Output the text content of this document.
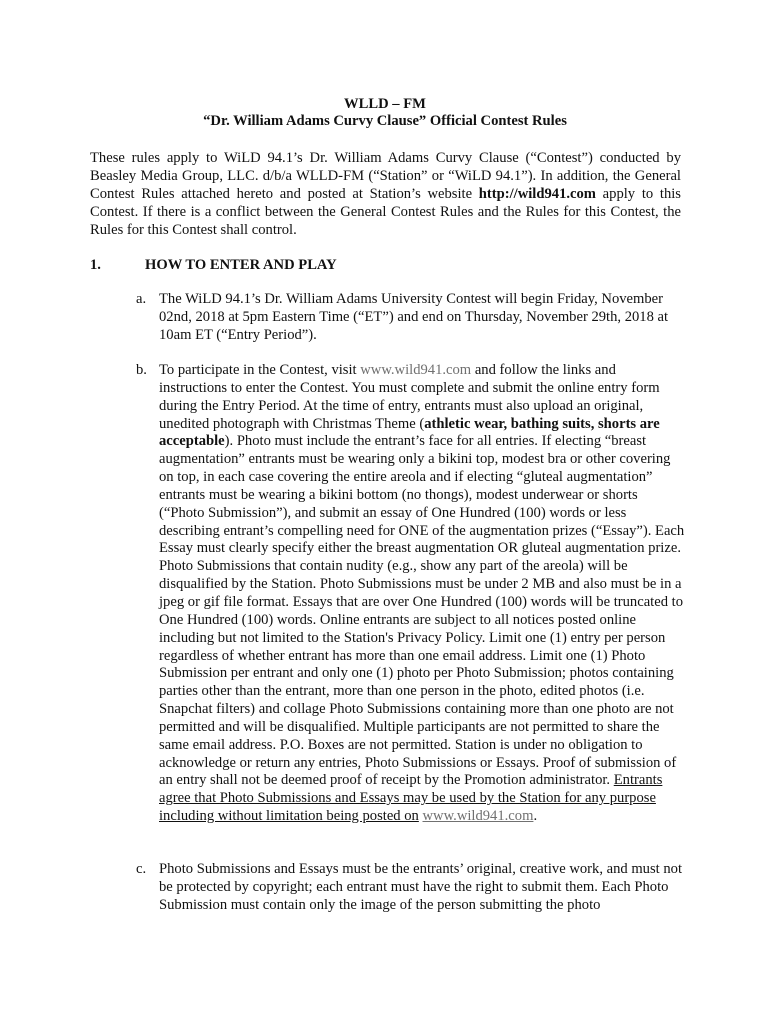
WLLD – FM

“Dr. William Adams Curvy Clause” Official Contest Rules

These rules apply to WiLD 94.1’s Dr. William Adams Curvy Clause (“Contest”) conducted by Beasley Media Group, LLC. d/b/a WLLD-FM (“Station” or “WiLD 94.1”). In addition, the General Contest Rules attached hereto and posted at Station’s website http://wild941.com apply to this Contest. If there is a conflict between the General Contest Rules and the Rules for this Contest, the Rules for this Contest shall control.

1.	HOW TO ENTER AND PLAY
a. The WiLD 94.1’s Dr. William Adams University Contest will begin Friday, November 02nd, 2018 at 5pm Eastern Time (“ET”) and end on Thursday, November 29th, 2018 at 10am ET (“Entry Period”).
b. To participate in the Contest, visit www.wild941.com and follow the links and instructions to enter the Contest. You must complete and submit the online entry form during the Entry Period. At the time of entry, entrants must also upload an original, unedited photograph with Christmas Theme (athletic wear, bathing suits, shorts are acceptable). Photo must include the entrant’s face for all entries. If electing “breast augmentation” entrants must be wearing only a bikini top, modest bra or other covering on top, in each case covering the entire areola and if electing “gluteal augmentation” entrants must be wearing a bikini bottom (no thongs), modest underwear or shorts (“Photo Submission”), and submit an essay of One Hundred (100) words or less describing entrant’s compelling need for ONE of the augmentation prizes (“Essay”). Each Essay must clearly specify either the breast augmentation OR gluteal augmentation prize. Photo Submissions that contain nudity (e.g., show any part of the areola) will be disqualified by the Station. Photo Submissions must be under 2 MB and also must be in a jpeg or gif file format. Essays that are over One Hundred (100) words will be truncated to One Hundred (100) words. Online entrants are subject to all notices posted online including but not limited to the Station's Privacy Policy. Limit one (1) entry per person regardless of whether entrant has more than one email address. Limit one (1) Photo Submission per entrant and only one (1) photo per Photo Submission; photos containing parties other than the entrant, more than one person in the photo, edited photos (i.e. Snapchat filters) and collage Photo Submissions containing more than one photo are not permitted and will be disqualified. Multiple participants are not permitted to share the same email address. P.O. Boxes are not permitted. Station is under no obligation to acknowledge or return any entries, Photo Submissions or Essays. Proof of submission of an entry shall not be deemed proof of receipt by the Promotion administrator. Entrants agree that Photo Submissions and Essays may be used by the Station for any purpose including without limitation being posted on www.wild941.com.
c. Photo Submissions and Essays must be the entrants’ original, creative work, and must not be protected by copyright; each entrant must have the right to submit them. Each Photo Submission must contain only the image of the person submitting the photo
